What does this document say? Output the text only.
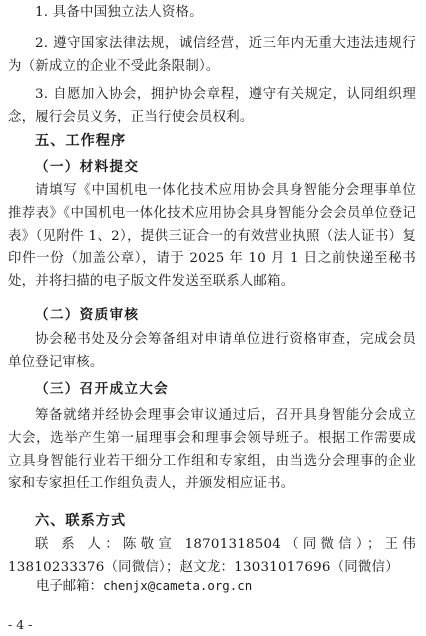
1. 具备中国独立法人资格。

2. 遵守国家法律法规，诚信经营，近三年内无重大违法违规行为（新成立的企业不受此条限制）。

3. 自愿加入协会，拥护协会章程，遵守有关规定，认同组织理念，履行会员义务，正当行使会员权利。

五、工作程序
（一）材料提交

请填写《中国机电一体化技术应用协会具身智能分会理事单位推荐表》《中国机电一体化技术应用协会具身智能分会会员单位登记表》（见附件 1、2），提供三证合一的有效营业执照（法人证书）复印件一份（加盖公章），请于 2025 年 10 月 1 日之前快递至秘书处，并将扫描的电子版文件发送至联系人邮箱。

（二）资质审核

协会秘书处及分会筹备组对申请单位进行资格审查，完成会员单位登记审核。

（三）召开成立大会

筹备就绪并经协会理事会审议通过后，召开具身智能分会成立大会，选举产生第一届理事会和理事会领导班子。根据工作需要成立具身智能行业若干细分工作组和专家组，由当选分会理事的企业家和专家担任工作组负责人，并颁发相应证书。

六、联系方式

联 系 人：陈敬宣 18701318504（同微信）；王伟 13810233376（同微信）；赵文龙：13031017696（同微信）

电子邮箱：chenjx@cameta.org.cn
- 4 -
